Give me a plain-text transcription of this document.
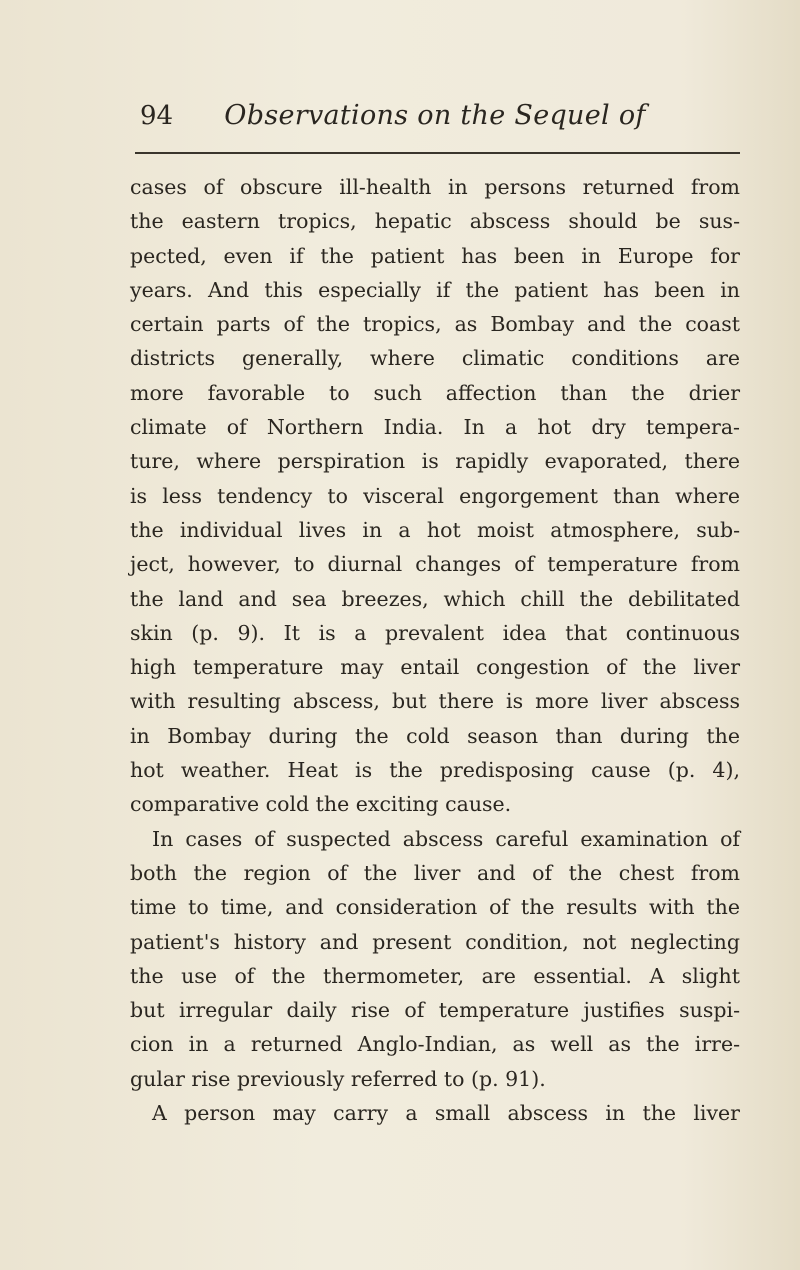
94	Observations on the Sequel of
cases of obscure ill-health in persons returned from
the eastern tropics, hepatic abscess should be sus-
pected, even if the patient has been in Europe for
years. And this especially if the patient has been in
certain parts of the tropics, as Bombay and the coast
districts generally, where climatic conditions are
more favorable to such affection than the drier
climate of Northern India. In a hot dry tempera-
ture, where perspiration is rapidly evaporated, there
is less tendency to visceral engorgement than where
the individual lives in a hot moist atmosphere, sub-
ject, however, to diurnal changes of temperature from
the land and sea breezes, which chill the debilitated
skin (p. 9). It is a prevalent idea that continuous
high temperature may entail congestion of the liver
with resulting abscess, but there is more liver abscess
in Bombay during the cold season than during the
hot weather. Heat is the predisposing cause (p. 4),
comparative cold the exciting cause.
In cases of suspected abscess careful examination of
both the region of the liver and of the chest from
time to time, and consideration of the results with the
patient's history and present condition, not neglecting
the use of the thermometer, are essential. A slight
but irregular daily rise of temperature justifies suspi-
cion in a returned Anglo-Indian, as well as the irre-
gular rise previously referred to (p. 91).
A person may carry a small abscess in the liver
